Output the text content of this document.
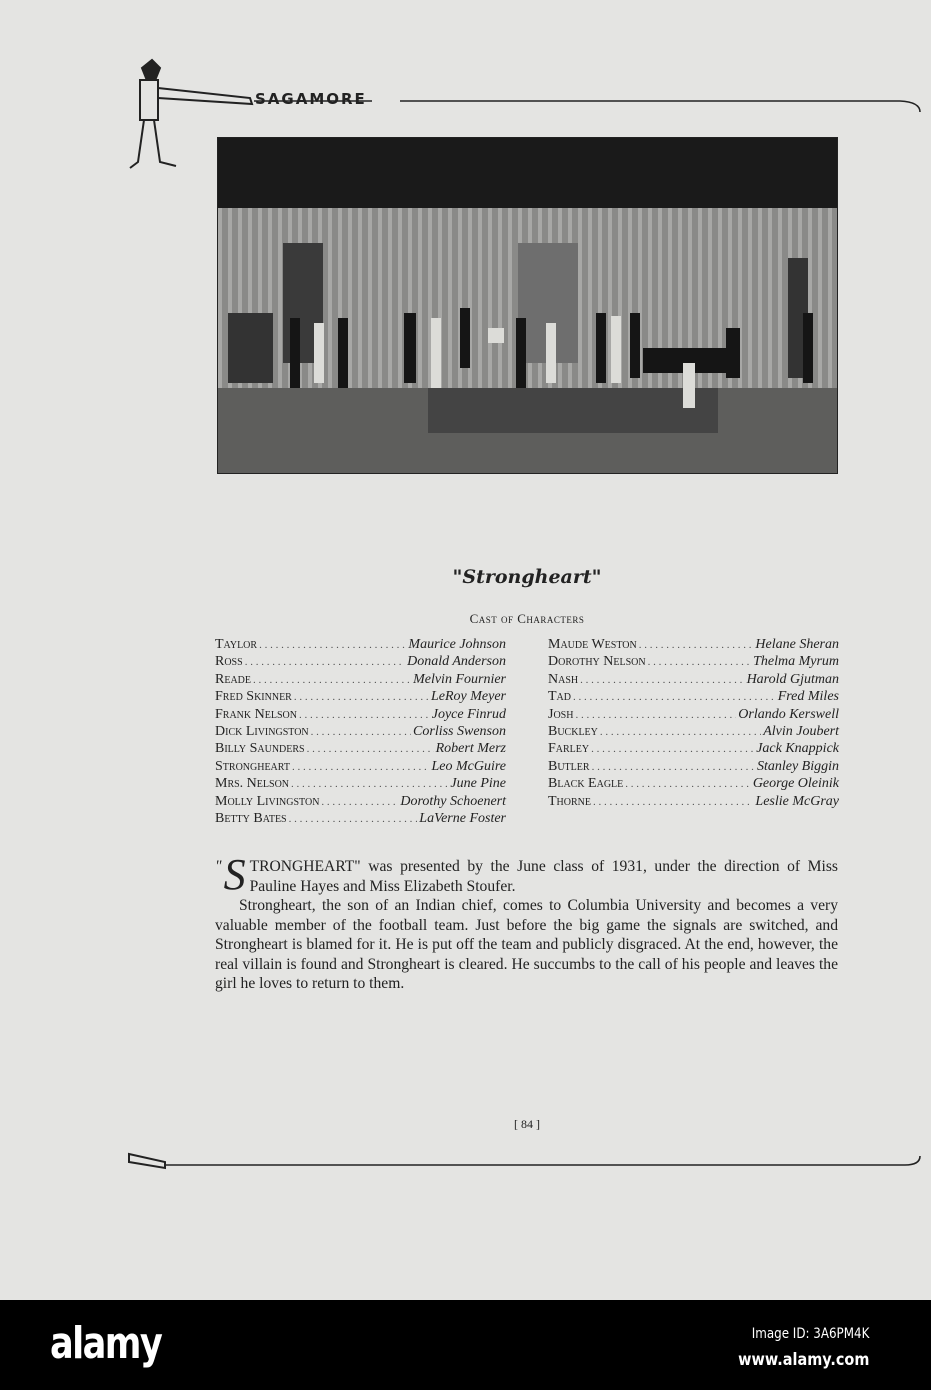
SAGAMORE
"Strongheart"
Cast of Characters
Taylor . . .	Maurice Johnson
Ross . . .	Donald Anderson
Reade . . .	Melvin Fournier
Fred Skinner . . .	LeRoy Meyer
Frank Nelson . . .	Joyce Finrud
Dick Livingston . . .	Corliss Swenson
Billy Saunders . . .	Robert Merz
Strongheart . . .	Leo McGuire
Mrs. Nelson . . .	June Pine
Molly Livingston . . .	Dorothy Schoenert
Betty Bates . . .	LaVerne Foster
Maude Weston . . .	Helane Sheran
Dorothy Nelson . . .	Thelma Myrum
Nash . . .	Harold Gjutman
Tad . . .	Fred Miles
Josh . . .	Orlando Kerswell
Buckley . . .	Alvin Joubert
Farley . . .	Jack Knappick
Butler . . .	Stanley Biggin
Black Eagle . . .	George Oleinik
Thorne . . .	Leslie McGray

" S TRONGHEART" was presented by the June class of 1931, under the direction of Miss Pauline Hayes and Miss Elizabeth Stoufer.

Strongheart, the son of an Indian chief, comes to Columbia University and becomes a very valuable member of the football team. Just before the big game the signals are switched, and Strongheart is blamed for it. He is put off the team and publicly disgraced. At the end, however, the real villain is found and Strongheart is cleared. He succumbs to the call of his people and leaves the girl he loves to return to them.

[ 84 ]
alamy	Image ID: 3A6PM4K
www.alamy.com
